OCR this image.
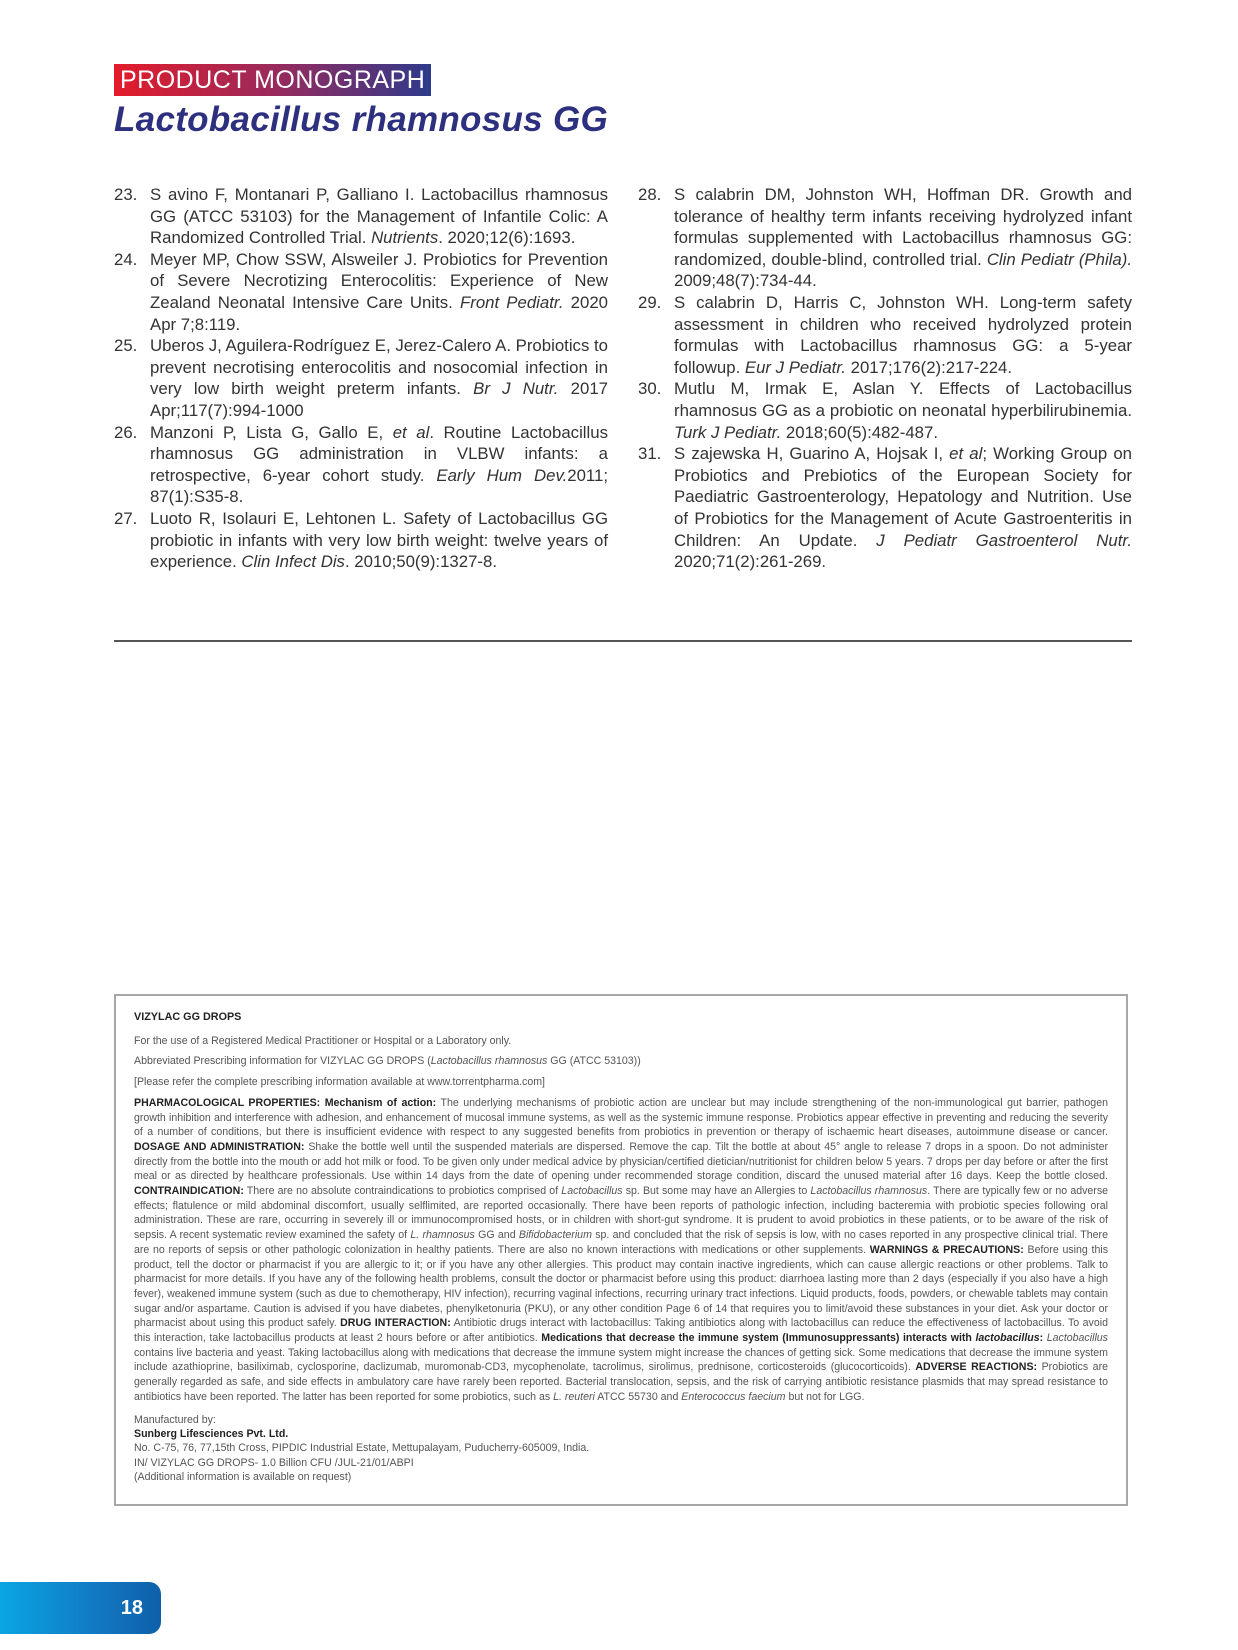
PRODUCT MONOGRAPH
Lactobacillus rhamnosus GG
23. S avino F, Montanari P, Galliano I. Lactobacillus rhamnosus GG (ATCC 53103) for the Management of Infantile Colic: A Randomized Controlled Trial. Nutrients. 2020;12(6):1693.
24. Meyer MP, Chow SSW, Alsweiler J. Probiotics for Prevention of Severe Necrotizing Enterocolitis: Experience of New Zealand Neonatal Intensive Care Units. Front Pediatr. 2020 Apr 7;8:119.
25. Uberos J, Aguilera-Rodríguez E, Jerez-Calero A. Probiotics to prevent necrotising enterocolitis and nosocomial infection in very low birth weight preterm infants. Br J Nutr. 2017 Apr;117(7):994-1000
26. Manzoni P, Lista G, Gallo E, et al. Routine Lactobacillus rhamnosus GG administration in VLBW infants: a retrospective, 6-year cohort study. Early Hum Dev.2011; 87(1):S35-8.
27. Luoto R, Isolauri E, Lehtonen L. Safety of Lactobacillus GG probiotic in infants with very low birth weight: twelve years of experience. Clin Infect Dis. 2010;50(9):1327-8.
28. S calabrin DM, Johnston WH, Hoffman DR. Growth and tolerance of healthy term infants receiving hydrolyzed infant formulas supplemented with Lactobacillus rhamnosus GG: randomized, double-blind, controlled trial. Clin Pediatr (Phila). 2009;48(7):734-44.
29. S calabrin D, Harris C, Johnston WH. Long-term safety assessment in children who received hydrolyzed protein formulas with Lactobacillus rhamnosus GG: a 5-year followup. Eur J Pediatr. 2017;176(2):217-224.
30. Mutlu M, Irmak E, Aslan Y. Effects of Lactobacillus rhamnosus GG as a probiotic on neonatal hyperbilirubinemia. Turk J Pediatr. 2018;60(5):482-487.
31. S zajewska H, Guarino A, Hojsak I, et al; Working Group on Probiotics and Prebiotics of the European Society for Paediatric Gastroenterology, Hepatology and Nutrition. Use of Probiotics for the Management of Acute Gastroenteritis in Children: An Update. J Pediatr Gastroenterol Nutr. 2020;71(2):261-269.

VIZYLAC GG DROPS

For the use of a Registered Medical Practitioner or Hospital or a Laboratory only.

Abbreviated Prescribing information for VIZYLAC GG DROPS (Lactobacillus rhamnosus GG (ATCC 53103))

[Please refer the complete prescribing information available at www.torrentpharma.com]

PHARMACOLOGICAL PROPERTIES: Mechanism of action: The underlying mechanisms of probiotic action are unclear but may include strengthening of the non-immunological gut barrier, pathogen growth inhibition and interference with adhesion, and enhancement of mucosal immune systems, as well as the systemic immune response. Probiotics appear effective in preventing and reducing the severity of a number of conditions, but there is insufficient evidence with respect to any suggested benefits from probiotics in prevention or therapy of ischaemic heart diseases, autoimmune disease or cancer. DOSAGE AND ADMINISTRATION: Shake the bottle well until the suspended materials are dispersed. Remove the cap. Tilt the bottle at about 45° angle to release 7 drops in a spoon. Do not administer directly from the bottle into the mouth or add hot milk or food. To be given only under medical advice by physician/certified dietician/nutritionist for children below 5 years. 7 drops per day before or after the first meal or as directed by healthcare professionals. Use within 14 days from the date of opening under recommended storage condition, discard the unused material after 16 days. Keep the bottle closed. CONTRAINDICATION: There are no absolute contraindications to probiotics comprised of Lactobacillus sp. But some may have an Allergies to Lactobacillus rhamnosus. There are typically few or no adverse effects; flatulence or mild abdominal discomfort, usually selflimited, are reported occasionally. There have been reports of pathologic infection, including bacteremia with probiotic species following oral administration. These are rare, occurring in severely ill or immunocompromised hosts, or in children with short-gut syndrome. It is prudent to avoid probiotics in these patients, or to be aware of the risk of sepsis. A recent systematic review examined the safety of L. rhamnosus GG and Bifidobacterium sp. and concluded that the risk of sepsis is low, with no cases reported in any prospective clinical trial. There are no reports of sepsis or other pathologic colonization in healthy patients. There are also no known interactions with medications or other supplements. WARNINGS & PRECAUTIONS: Before using this product, tell the doctor or pharmacist if you are allergic to it; or if you have any other allergies. This product may contain inactive ingredients, which can cause allergic reactions or other problems. Talk to pharmacist for more details. If you have any of the following health problems, consult the doctor or pharmacist before using this product: diarrhoea lasting more than 2 days (especially if you also have a high fever), weakened immune system (such as due to chemotherapy, HIV infection), recurring vaginal infections, recurring urinary tract infections. Liquid products, foods, powders, or chewable tablets may contain sugar and/or aspartame. Caution is advised if you have diabetes, phenylketonuria (PKU), or any other condition Page 6 of 14 that requires you to limit/avoid these substances in your diet. Ask your doctor or pharmacist about using this product safely. DRUG INTERACTION: Antibiotic drugs interact with lactobacillus: Taking antibiotics along with lactobacillus can reduce the effectiveness of lactobacillus. To avoid this interaction, take lactobacillus products at least 2 hours before or after antibiotics. Medications that decrease the immune system (Immunosuppressants) interacts with lactobacillus: Lactobacillus contains live bacteria and yeast. Taking lactobacillus along with medications that decrease the immune system might increase the chances of getting sick. Some medications that decrease the immune system include azathioprine, basiliximab, cyclosporine, daclizumab, muromonab-CD3, mycophenolate, tacrolimus, sirolimus, prednisone, corticosteroids (glucocorticoids). ADVERSE REACTIONS: Probiotics are generally regarded as safe, and side effects in ambulatory care have rarely been reported. Bacterial translocation, sepsis, and the risk of carrying antibiotic resistance plasmids that may spread resistance to antibiotics have been reported. The latter has been reported for some probiotics, such as L. reuteri ATCC 55730 and Enterococcus faecium but not for LGG.

Manufactured by:
Sunberg Lifesciences Pvt. Ltd.
No. C-75, 76, 77,15th Cross, PIPDIC Industrial Estate, Mettupalayam, Puducherry-605009, India.
IN/ VIZYLAC GG DROPS- 1.0 Billion CFU /JUL-21/01/ABPI
(Additional information is available on request)
18
